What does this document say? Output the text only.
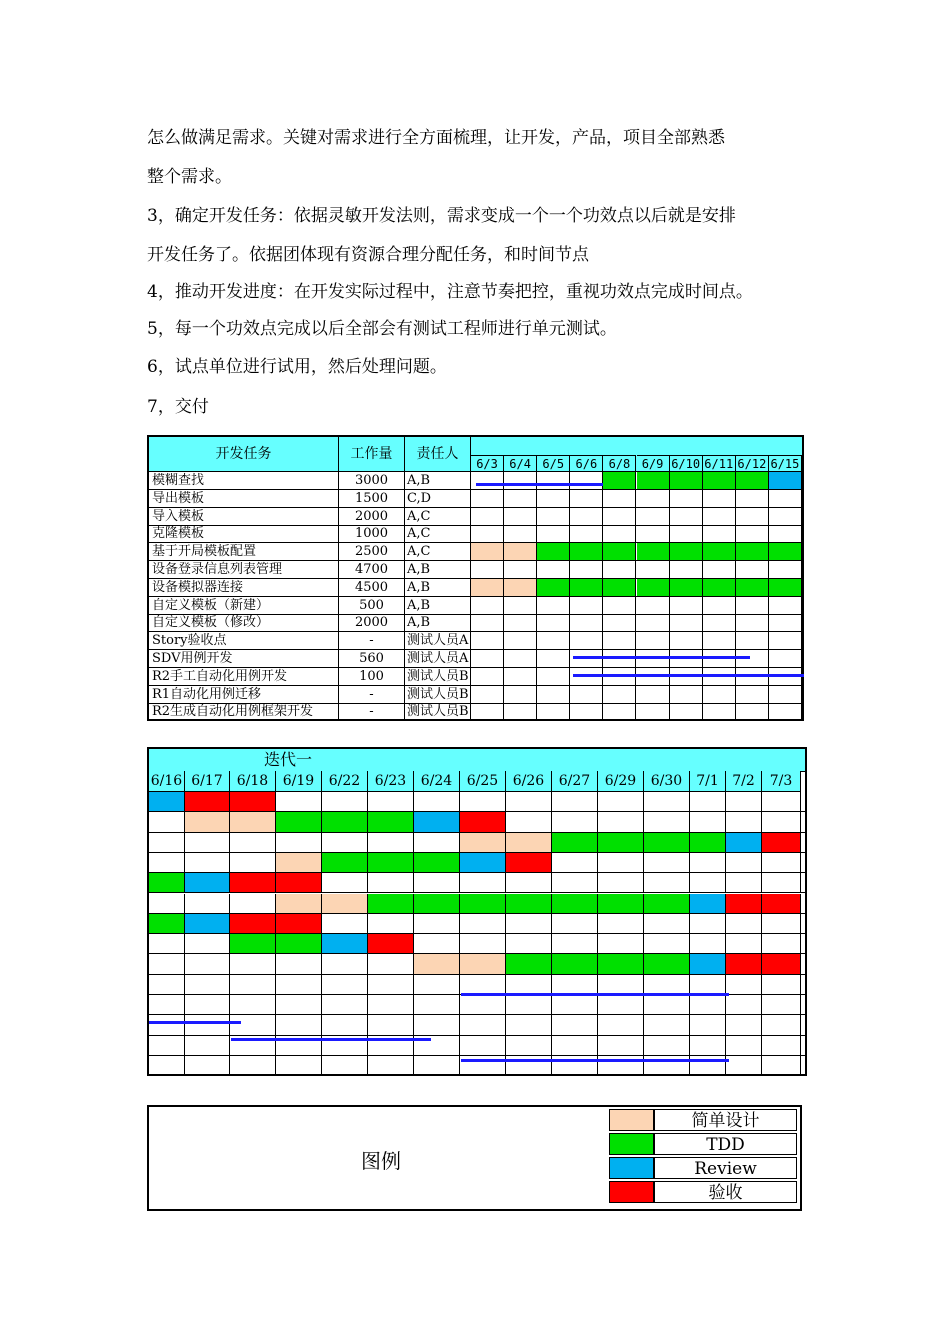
怎么做满足需求。关键对需求进行全方面梳理，让开发，产品，项目全部熟悉
整个需求。
3，确定开发任务：依据灵敏开发法则，需求变成一个一个功效点以后就是安排
开发任务了。依据团体现有资源合理分配任务，和时间节点
4，推动开发进度：在开发实际过程中，注意节奏把控，重视功效点完成时间点。
5，每一个功效点完成以后全部会有测试工程师进行单元测试。
6，试点单位进行试用，然后处理问题。
7，交付
开发任务	工作量	责任人
6/3 6/4 6/5 6/6 6/8 6/9 6/10 6/11 6/12 6/15
模糊查找	3000	A,B
导出模板	1500	C,D
导入模板	2000	A,C
克隆模板	1000	A,C
基于开局模板配置	2500	A,C
设备登录信息列表管理	4700	A,B
设备模拟器连接	4500	A,B
自定义模板（新建）	500	A,B
自定义模板（修改）	2000	A,B
Story验收点	-	测试人员A
SDV用例开发	560	测试人员A
R2手工自动化用例开发	100	测试人员B
R1自动化用例迁移	-	测试人员B
R2生成自动化用例框架开发	-	测试人员B
迭代一
6/16 6/17	6/18	6/19	6/22	6/23	6/24	6/25	6/26	6/27	6/29	6/30	7/1 7/2	7/3
图例
简单设计
TDD
Review
验收
